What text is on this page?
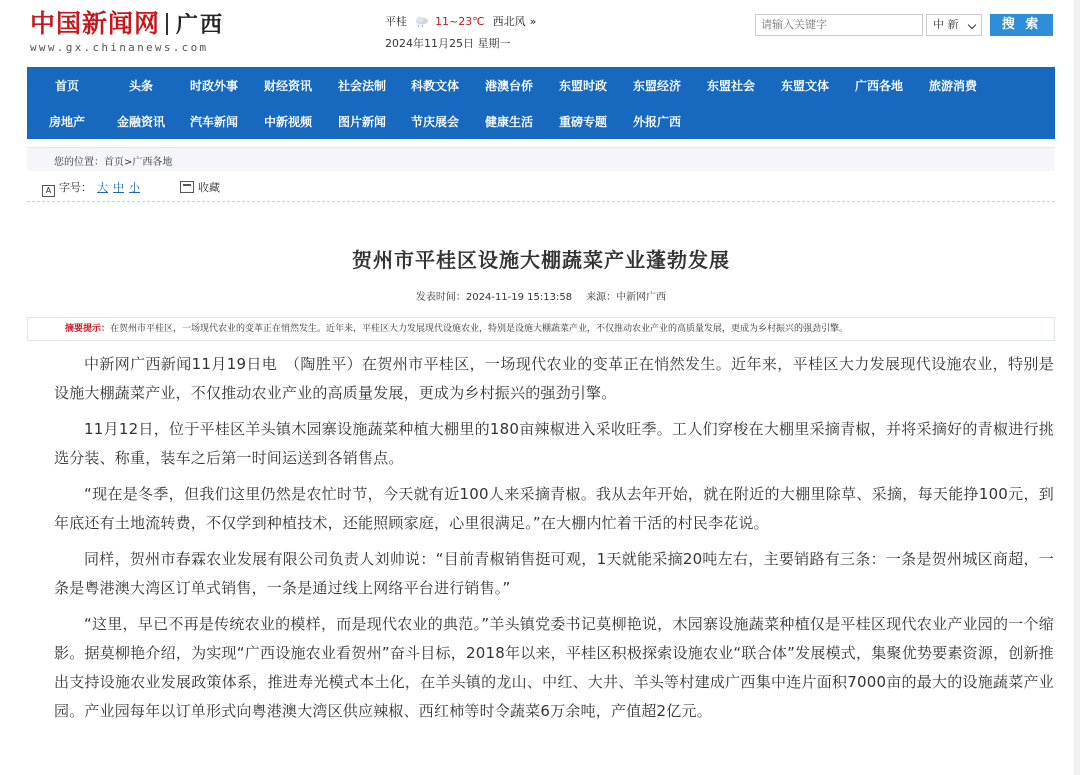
中国新闻网 广西
www.gx.chinanews.com
平桂	11~23℃ 西北风 »
2024年11月25日 星期一
请输入关键字
中 新	搜 索
首页	头条	时政外事 财经资讯 社会法制 科教文体 港澳台侨 东盟时政 东盟经济 东盟社会 东盟文体 广西各地 旅游消费
房地产	金融资讯 汽车新闻 中新视频 图片新闻 节庆展会 健康生活 重磅专题 外报广西
您的位置：首页>广西各地
A 字号： 大 中 小	收藏
贺州市平桂区设施大棚蔬菜产业蓬勃发展
发表时间：2024-11-19 15:13:58 来源：中新网广西
摘要提示：在贺州市平桂区，一场现代农业的变革正在悄然发生。近年来，平桂区大力发展现代设施农业，特别是设施大棚蔬菜产业，不仅推动农业产业的高质量发展，更成为乡村振兴的强劲引擎。

中新网广西新闻11月19日电　（陶胜平）在贺州市平桂区，一场现代农业的变革正在悄然发生。近年来，平桂区大力发展现代设施农业，特别是设施大棚蔬菜产业，不仅推动农业产业的高质量发展，更成为乡村振兴的强劲引擎。

11月12日，位于平桂区羊头镇木园寨设施蔬菜种植大棚里的180亩辣椒进入采收旺季。工人们穿梭在大棚里采摘青椒，并将采摘好的青椒进行挑选分装、称重，装车之后第一时间运送到各销售点。

“现在是冬季，但我们这里仍然是农忙时节，今天就有近100人来采摘青椒。我从去年开始，就在附近的大棚里除草、采摘，每天能挣100元，到年底还有土地流转费，不仅学到种植技术，还能照顾家庭，心里很满足。”在大棚内忙着干活的村民李花说。

同样，贺州市春霖农业发展有限公司负责人刘帅说：“目前青椒销售挺可观，1天就能采摘20吨左右，主要销路有三条：一条是贺州城区商超，一条是粤港澳大湾区订单式销售，一条是通过线上网络平台进行销售。”

“这里，早已不再是传统农业的模样，而是现代农业的典范。”羊头镇党委书记莫柳艳说，木园寨设施蔬菜种植仅是平桂区现代农业产业园的一个缩影。据莫柳艳介绍，为实现“广西设施农业看贺州”奋斗目标，2018年以来，平桂区积极探索设施农业“联合体”发展模式，集聚优势要素资源，创新推出支持设施农业发展政策体系，推进寿光模式本土化，在羊头镇的龙山、中红、大井、羊头等村建成广西集中连片面积7000亩的最大的设施蔬菜产业园。产业园每年以订单形式向粤港澳大湾区供应辣椒、西红柿等时令蔬菜6万余吨，产值超2亿元。
